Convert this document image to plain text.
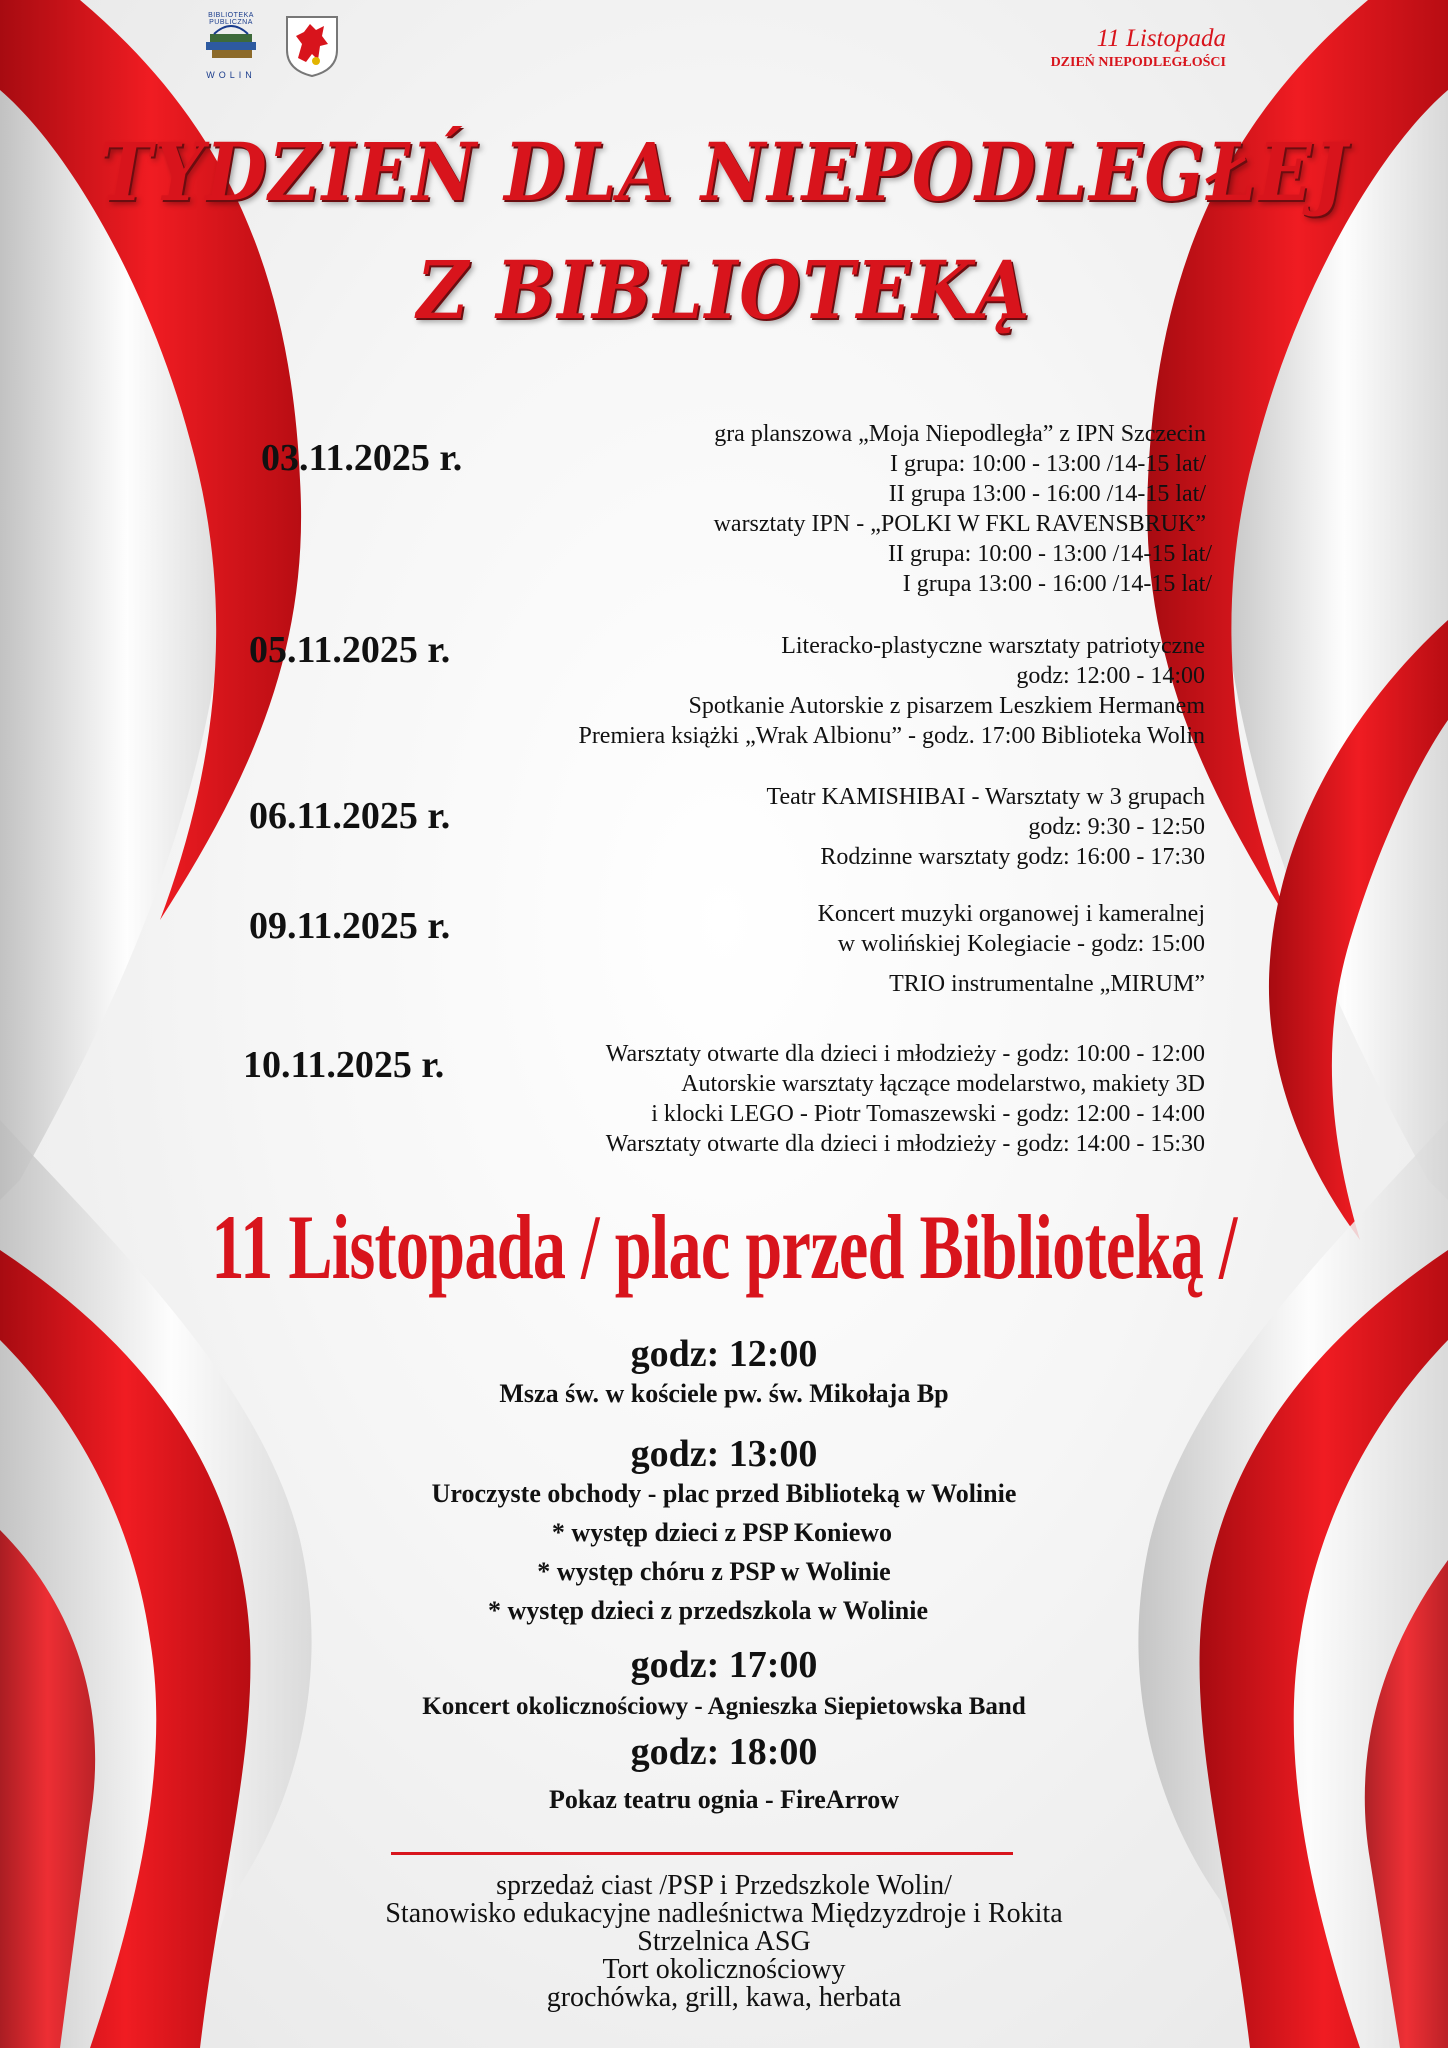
BIBLIOTEKA PUBLICZNA
WOLIN
11 Listopada
DZIEŃ NIEPODLEGŁOŚCI
TYDZIEŃ DLA NIEPODLEGŁEJ
Z BIBLIOTEKĄ
03.11.2025 r.
gra planszowa „Moja Niepodległa” z IPN Szczecin
I grupa: 10:00 - 13:00 /14-15 lat/
II grupa 13:00 - 16:00 /14-15 lat/
warsztaty IPN - „POLKI W FKL RAVENSBRUK”
II grupa: 10:00 - 13:00 /14-15 lat/
I grupa 13:00 - 16:00 /14-15 lat/
05.11.2025 r.	Literacko-plastyczne warsztaty patriotyczne
godz: 12:00 - 14:00
Spotkanie Autorskie z pisarzem Leszkiem Hermanem
Premiera książki „Wrak Albionu” - godz. 17:00 Biblioteka Wolin
06.11.2025 r.	Teatr KAMISHIBAI - Warsztaty w 3 grupach
godz: 9:30 - 12:50
Rodzinne warsztaty godz: 16:00 - 17:30
09.11.2025 r.	Koncert muzyki organowej i kameralnej
w wolińskiej Kolegiacie - godz: 15:00
TRIO instrumentalne „MIRUM”
10.11.2025 r.	Warsztaty otwarte dla dzieci i młodzieży - godz: 10:00 - 12:00
Autorskie warsztaty łączące modelarstwo, makiety 3D
i klocki LEGO - Piotr Tomaszewski - godz: 12:00 - 14:00
Warsztaty otwarte dla dzieci i młodzieży - godz: 14:00 - 15:30
11 Listopada / plac przed Biblioteką /
godz: 12:00
Msza św. w kościele pw. św. Mikołaja Bp
godz: 13:00
Uroczyste obchody - plac przed Biblioteką w Wolinie
* występ dzieci z PSP Koniewo
* występ chóru z PSP w Wolinie
* występ dzieci z przedszkola w Wolinie
godz: 17:00
Koncert okolicznościowy - Agnieszka Siepietowska Band
godz: 18:00
Pokaz teatru ognia - FireArrow
sprzedaż ciast /PSP i Przedszkole Wolin/
Stanowisko edukacyjne nadleśnictwa Międzyzdroje i Rokita
Strzelnica ASG
Tort okolicznościowy
grochówka, grill, kawa, herbata
